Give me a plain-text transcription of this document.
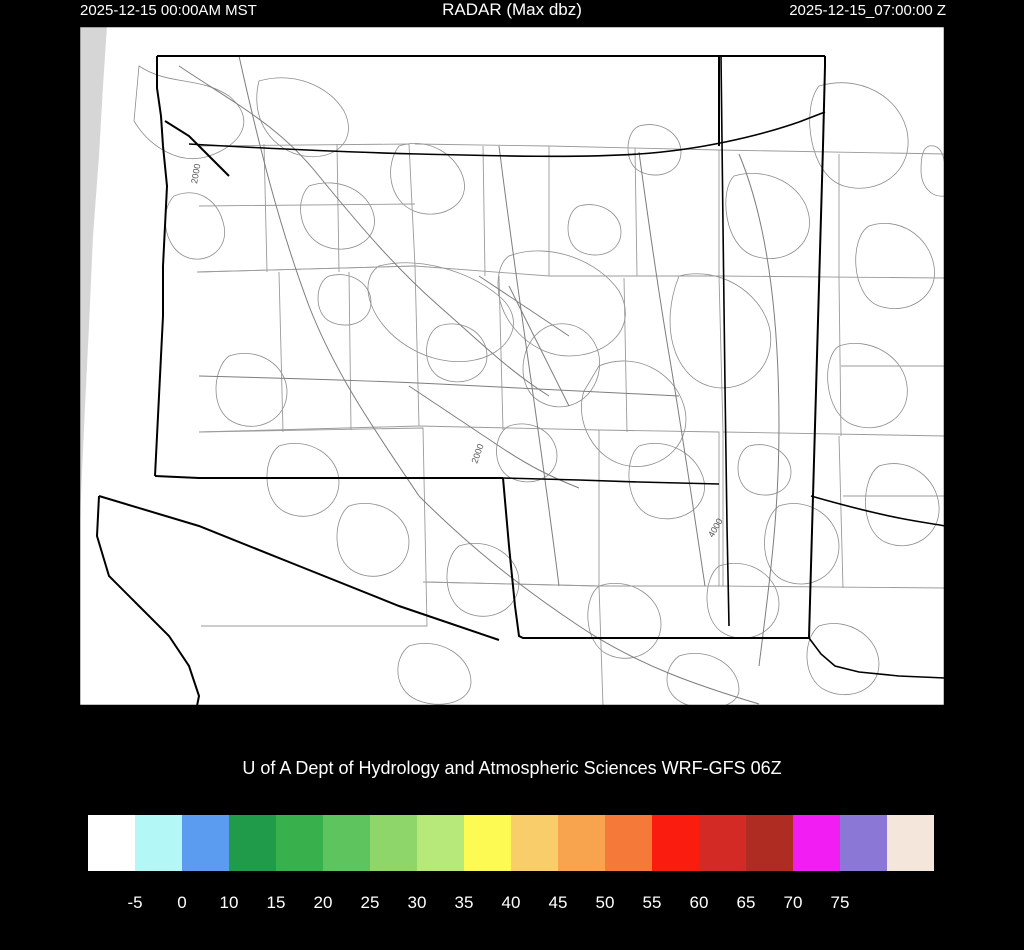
2025-12-15 00:00AM MST	RADAR (Max dbz)	2025-12-15_07:00:00 Z
2000
2000
4000
U of A Dept of Hydrology and Atmospheric Sciences WRF-GFS 06Z
-5 0 10 15 20 25 30 35 40 45 50 55 60 65 70 75
